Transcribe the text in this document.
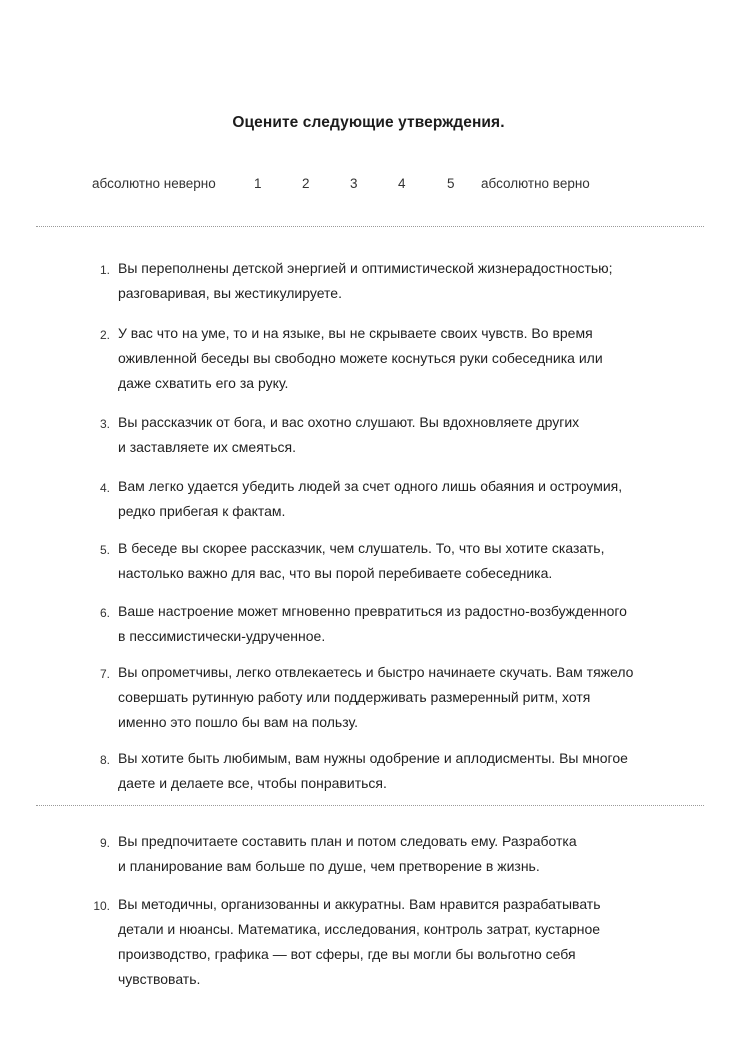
Оцените следующие утверждения.
абсолютно неверно	1	2	3	4	5 абсолютно верно
1. Вы переполнены детской энергией и оптимистической жизнерадостностью;
разговаривая, вы жестикулируете.
2. У вас что на уме, то и на языке, вы не скрываете своих чувств. Во время
оживленной беседы вы свободно можете коснуться руки собеседника или
даже схватить его за руку.
3. Вы рассказчик от бога, и вас охотно слушают. Вы вдохновляете других
и заставляете их смеяться.
4. Вам легко удается убедить людей за счет одного лишь обаяния и остроумия,
редко прибегая к фактам.
5. В беседе вы скорее рассказчик, чем слушатель. То, что вы хотите сказать,
настолько важно для вас, что вы порой перебиваете собеседника.
6. Ваше настроение может мгновенно превратиться из радостно-возбужденного
в пессимистически-удрученное.
7. Вы опрометчивы, легко отвлекаетесь и быстро начинаете скучать. Вам тяжело
совершать рутинную работу или поддерживать размеренный ритм, хотя
именно это пошло бы вам на пользу.
8. Вы хотите быть любимым, вам нужны одобрение и аплодисменты. Вы многое
даете и делаете все, чтобы понравиться.
9. Вы предпочитаете составить план и потом следовать ему. Разработка
и планирование вам больше по душе, чем претворение в жизнь.
10. Вы методичны, организованны и аккуратны. Вам нравится разрабатывать
детали и нюансы. Математика, исследования, контроль затрат, кустарное
производство, графика — вот сферы, где вы могли бы вольготно себя
чувствовать.
